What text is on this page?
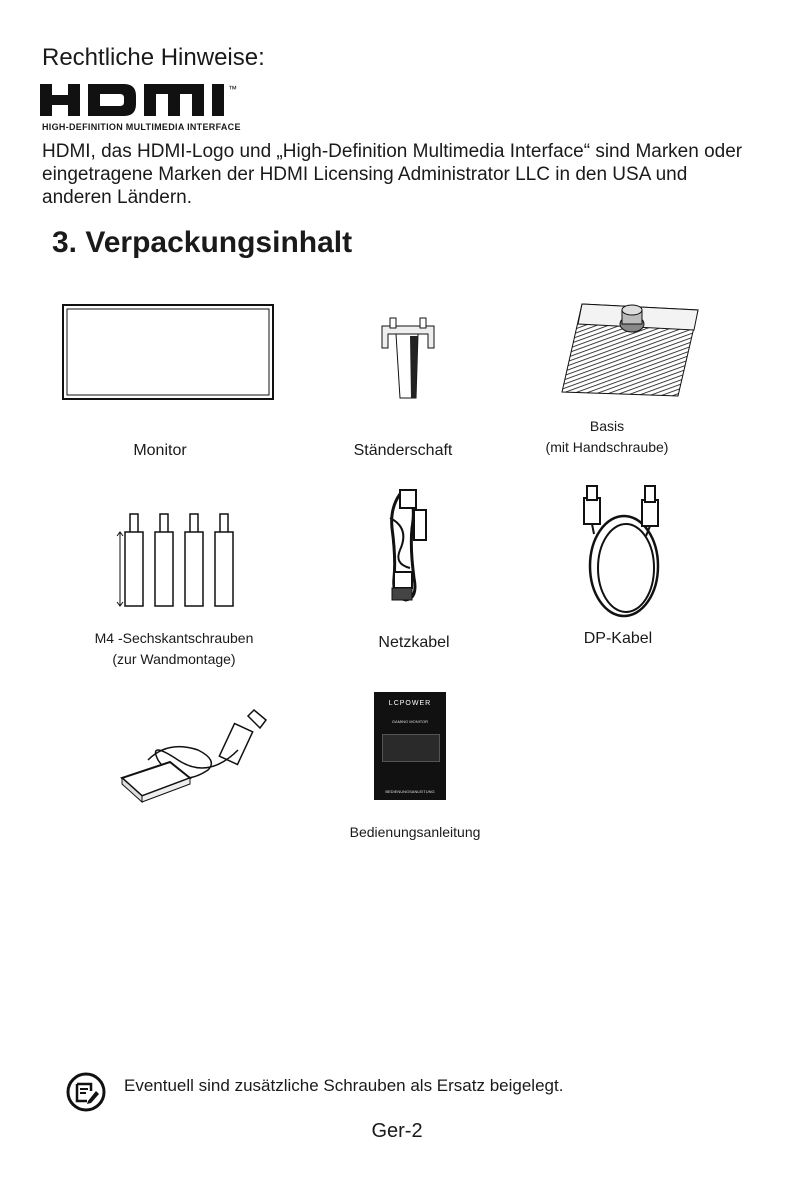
Rechtliche Hinweise:
™
HIGH-DEFINITION MULTIMEDIA INTERFACE
HDMI, das HDMI-Logo und „High-Definition Multimedia Interface“ sind Marken oder eingetragene Marken der HDMI Licensing Administrator LLC in den USA und anderen Ländern.
3. Verpackungsinhalt
Monitor	Ständerschaft
Basis
(mit Handschraube)
M4 -Sechskantschrauben
(zur Wandmontage)
Netzkabel	DP-Kabel
LCPOWER
GAMING MONITOR
BEDIENUNGSANLEITUNG
Bedienungsanleitung
Eventuell sind zusätzliche Schrauben als Ersatz beigelegt.
Ger-2
